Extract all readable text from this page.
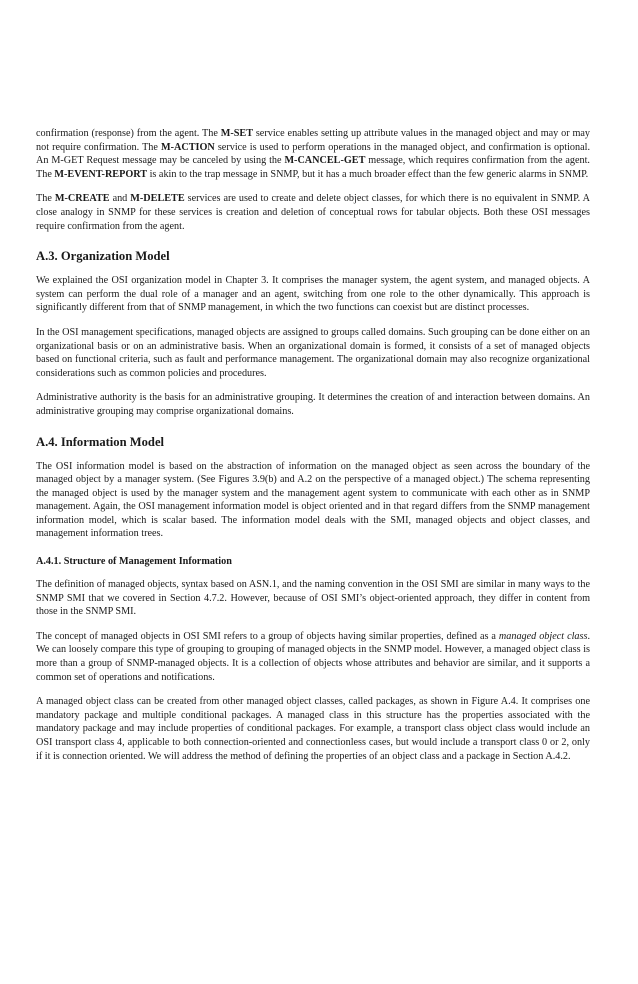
confirmation (response) from the agent. The M-SET service enables setting up attribute values in the managed object and may or may not require confirmation. The M-ACTION service is used to perform operations in the managed object, and confirmation is optional. An M-GET Request message may be canceled by using the M-CANCEL-GET message, which requires confirmation from the agent. The M-EVENT-REPORT is akin to the trap message in SNMP, but it has a much broader effect than the few generic alarms in SNMP.

The M-CREATE and M-DELETE services are used to create and delete object classes, for which there is no equivalent in SNMP. A close analogy in SNMP for these services is creation and deletion of conceptual rows for tabular objects. Both these OSI messages require confirmation from the agent.

A.3. Organization Model

We explained the OSI organization model in Chapter 3. It comprises the manager system, the agent system, and managed objects. A system can perform the dual role of a manager and an agent, switching from one role to the other dynamically. This approach is significantly different from that of SNMP management, in which the two functions can coexist but are distinct processes.

In the OSI management specifications, managed objects are assigned to groups called domains. Such grouping can be done either on an organizational basis or on an administrative basis. When an organizational domain is formed, it consists of a set of managed objects based on functional criteria, such as fault and performance management. The organizational domain may also recognize organizational considerations such as common policies and procedures.

Administrative authority is the basis for an administrative grouping. It determines the creation of and interaction between domains. An administrative grouping may comprise organizational domains.

A.4. Information Model

The OSI information model is based on the abstraction of information on the managed object as seen across the boundary of the managed object by a manager system. (See Figures 3.9(b) and A.2 on the perspective of a managed object.) The schema representing the managed object is used by the manager system and the management agent system to communicate with each other as in SNMP management. Again, the OSI management information model is object oriented and in that regard differs from the SNMP management information model, which is scalar based. The information model deals with the SMI, managed objects and object classes, and management information trees.

A.4.1. Structure of Management Information

The definition of managed objects, syntax based on ASN.1, and the naming convention in the OSI SMI are similar in many ways to the SNMP SMI that we covered in Section 4.7.2. However, because of OSI SMI’s object-oriented approach, they differ in content from those in the SNMP SMI.

The concept of managed objects in OSI SMI refers to a group of objects having similar properties, defined as a managed object class. We can loosely compare this type of grouping to grouping of managed objects in the SNMP model. However, a managed object class is more than a group of SNMP-managed objects. It is a collection of objects whose attributes and behavior are similar, and it supports a common set of operations and notifications.

A managed object class can be created from other managed object classes, called packages, as shown in Figure A.4. It comprises one mandatory package and multiple conditional packages. A managed class in this structure has the properties associated with the mandatory package and may include properties of conditional packages. For example, a transport class object class would include an OSI transport class 4, applicable to both connection-oriented and connectionless cases, but would include a transport class 0 or 2, only if it is connection oriented. We will address the method of defining the properties of an object class and a package in Section A.4.2.
